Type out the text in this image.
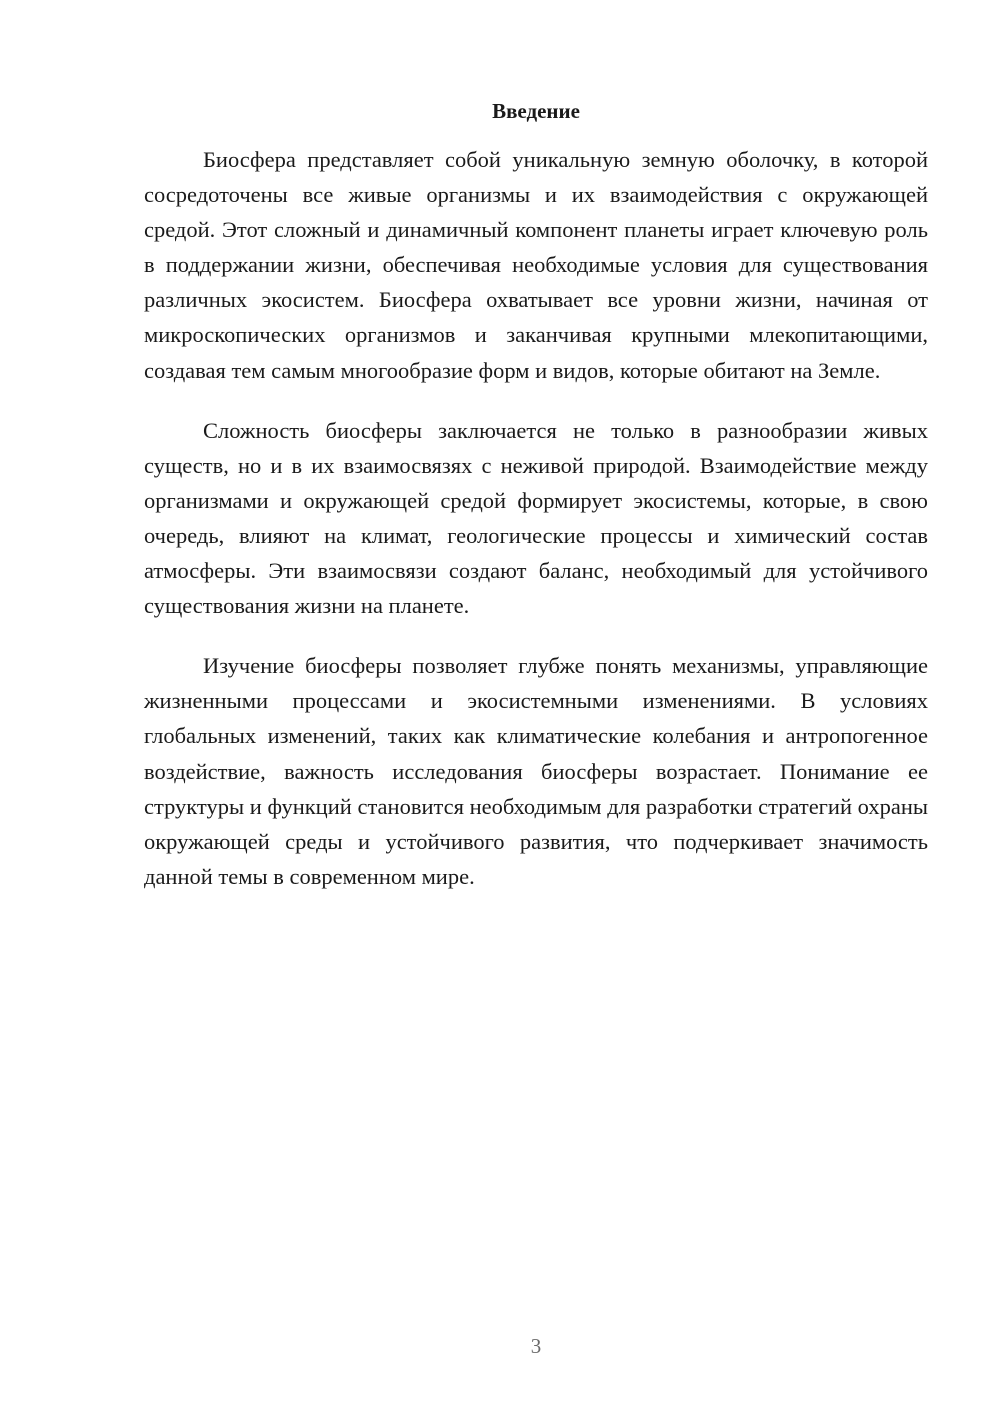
Введение

Биосфера представляет собой уникальную земную оболочку, в которой сосредоточены все живые организмы и их взаимодействия с окружающей средой. Этот сложный и динамичный компонент планеты играет ключевую роль в поддержании жизни, обеспечивая необходимые условия для существования различных экосистем. Биосфера охватывает все уровни жизни, начиная от микроскопических организмов и заканчивая крупными млекопитающими, создавая тем самым многообразие форм и видов, которые обитают на Земле.

Сложность биосферы заключается не только в разнообразии живых существ, но и в их взаимосвязях с неживой природой. Взаимодействие между организмами и окружающей средой формирует экосистемы, которые, в свою очередь, влияют на климат, геологические процессы и химический состав атмосферы. Эти взаимосвязи создают баланс, необходимый для устойчивого существования жизни на планете.

Изучение биосферы позволяет глубже понять механизмы, управляющие жизненными процессами и экосистемными изменениями. В условиях глобальных изменений, таких как климатические колебания и антропогенное воздействие, важность исследования биосферы возрастает. Понимание ее структуры и функций становится необходимым для разработки стратегий охраны окружающей среды и устойчивого развития, что подчеркивает значимость данной темы в современном мире.

3
